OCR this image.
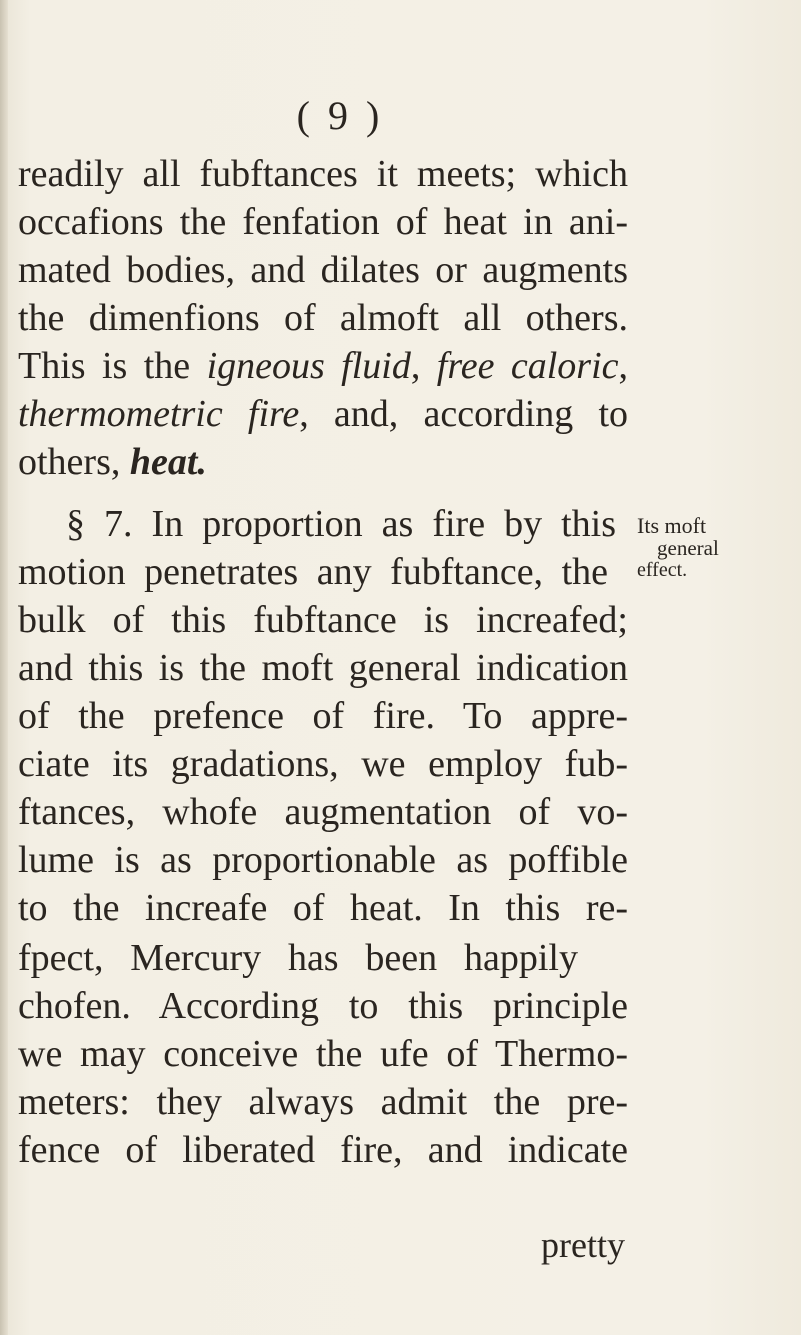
( 9 )
readily all fubftances it meets; which
occafions the fenfation of heat in ani-
mated bodies, and dilates or augments
the dimenfions of almoft all others.
This is the igneous fluid, free caloric,
thermometric fire, and, according to
others, heat.
§ 7. In proportion as fire by this
motion penetrates any fubftance, the
bulk of this fubftance is increafed;
and this is the moft general indication
of the prefence of fire. To appre-
ciate its gradations, we employ fub-
ftances, whofe augmentation of vo-
lume is as proportionable as poffible
to the increafe of heat. In this re-
fpect, Mercury has been happily
chofen. According to this principle
we may conceive the ufe of Thermo-
meters: they always admit the pre-
fence of liberated fire, and indicate
Its moft
general
effect.
pretty
